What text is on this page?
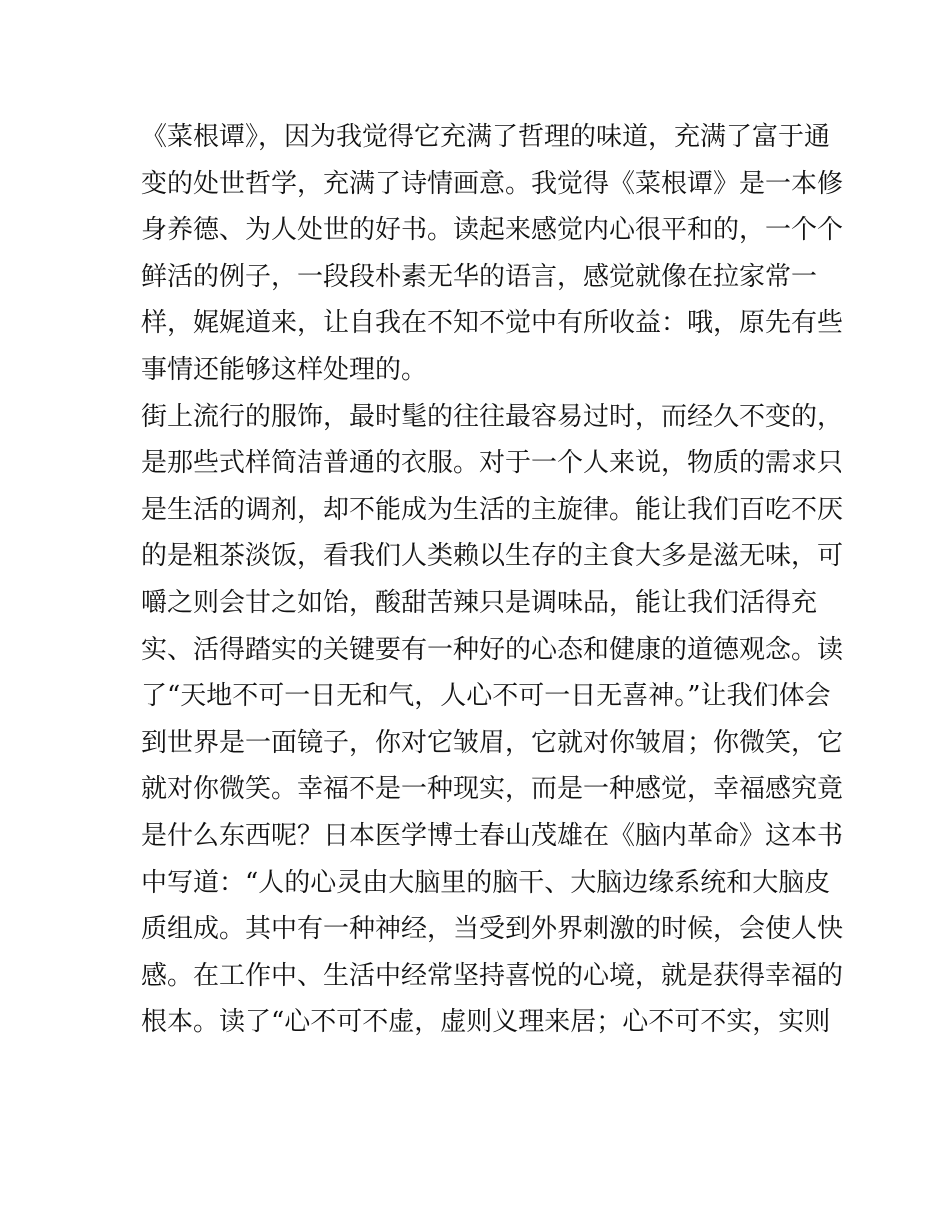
《菜根谭》，因为我觉得它充满了哲理的味道，充满了富于通
变的处世哲学，充满了诗情画意。我觉得《菜根谭》是一本修
身养德、为人处世的好书。读起来感觉内心很平和的，一个个
鲜活的例子，一段段朴素无华的语言，感觉就像在拉家常一
样，娓娓道来，让自我在不知不觉中有所收益：哦，原先有些
事情还能够这样处理的。
街上流行的服饰，最时髦的往往最容易过时，而经久不变的，
是那些式样简洁普通的衣服。对于一个人来说，物质的需求只
是生活的调剂，却不能成为生活的主旋律。能让我们百吃不厌
的是粗茶淡饭，看我们人类赖以生存的主食大多是滋无味，可
嚼之则会甘之如饴，酸甜苦辣只是调味品，能让我们活得充
实、活得踏实的关键要有一种好的心态和健康的道德观念。读
了“天地不可一日无和气，人心不可一日无喜神。”让我们体会
到世界是一面镜子，你对它皱眉，它就对你皱眉；你微笑，它
就对你微笑。幸福不是一种现实，而是一种感觉，幸福感究竟
是什么东西呢？日本医学博士春山茂雄在《脑内革命》这本书
中写道：“人的心灵由大脑里的脑干、大脑边缘系统和大脑皮
质组成。其中有一种神经，当受到外界刺激的时候，会使人快
感。在工作中、生活中经常坚持喜悦的心境，就是获得幸福的
根本。读了“心不可不虚，虚则义理来居；心不可不实，实则
